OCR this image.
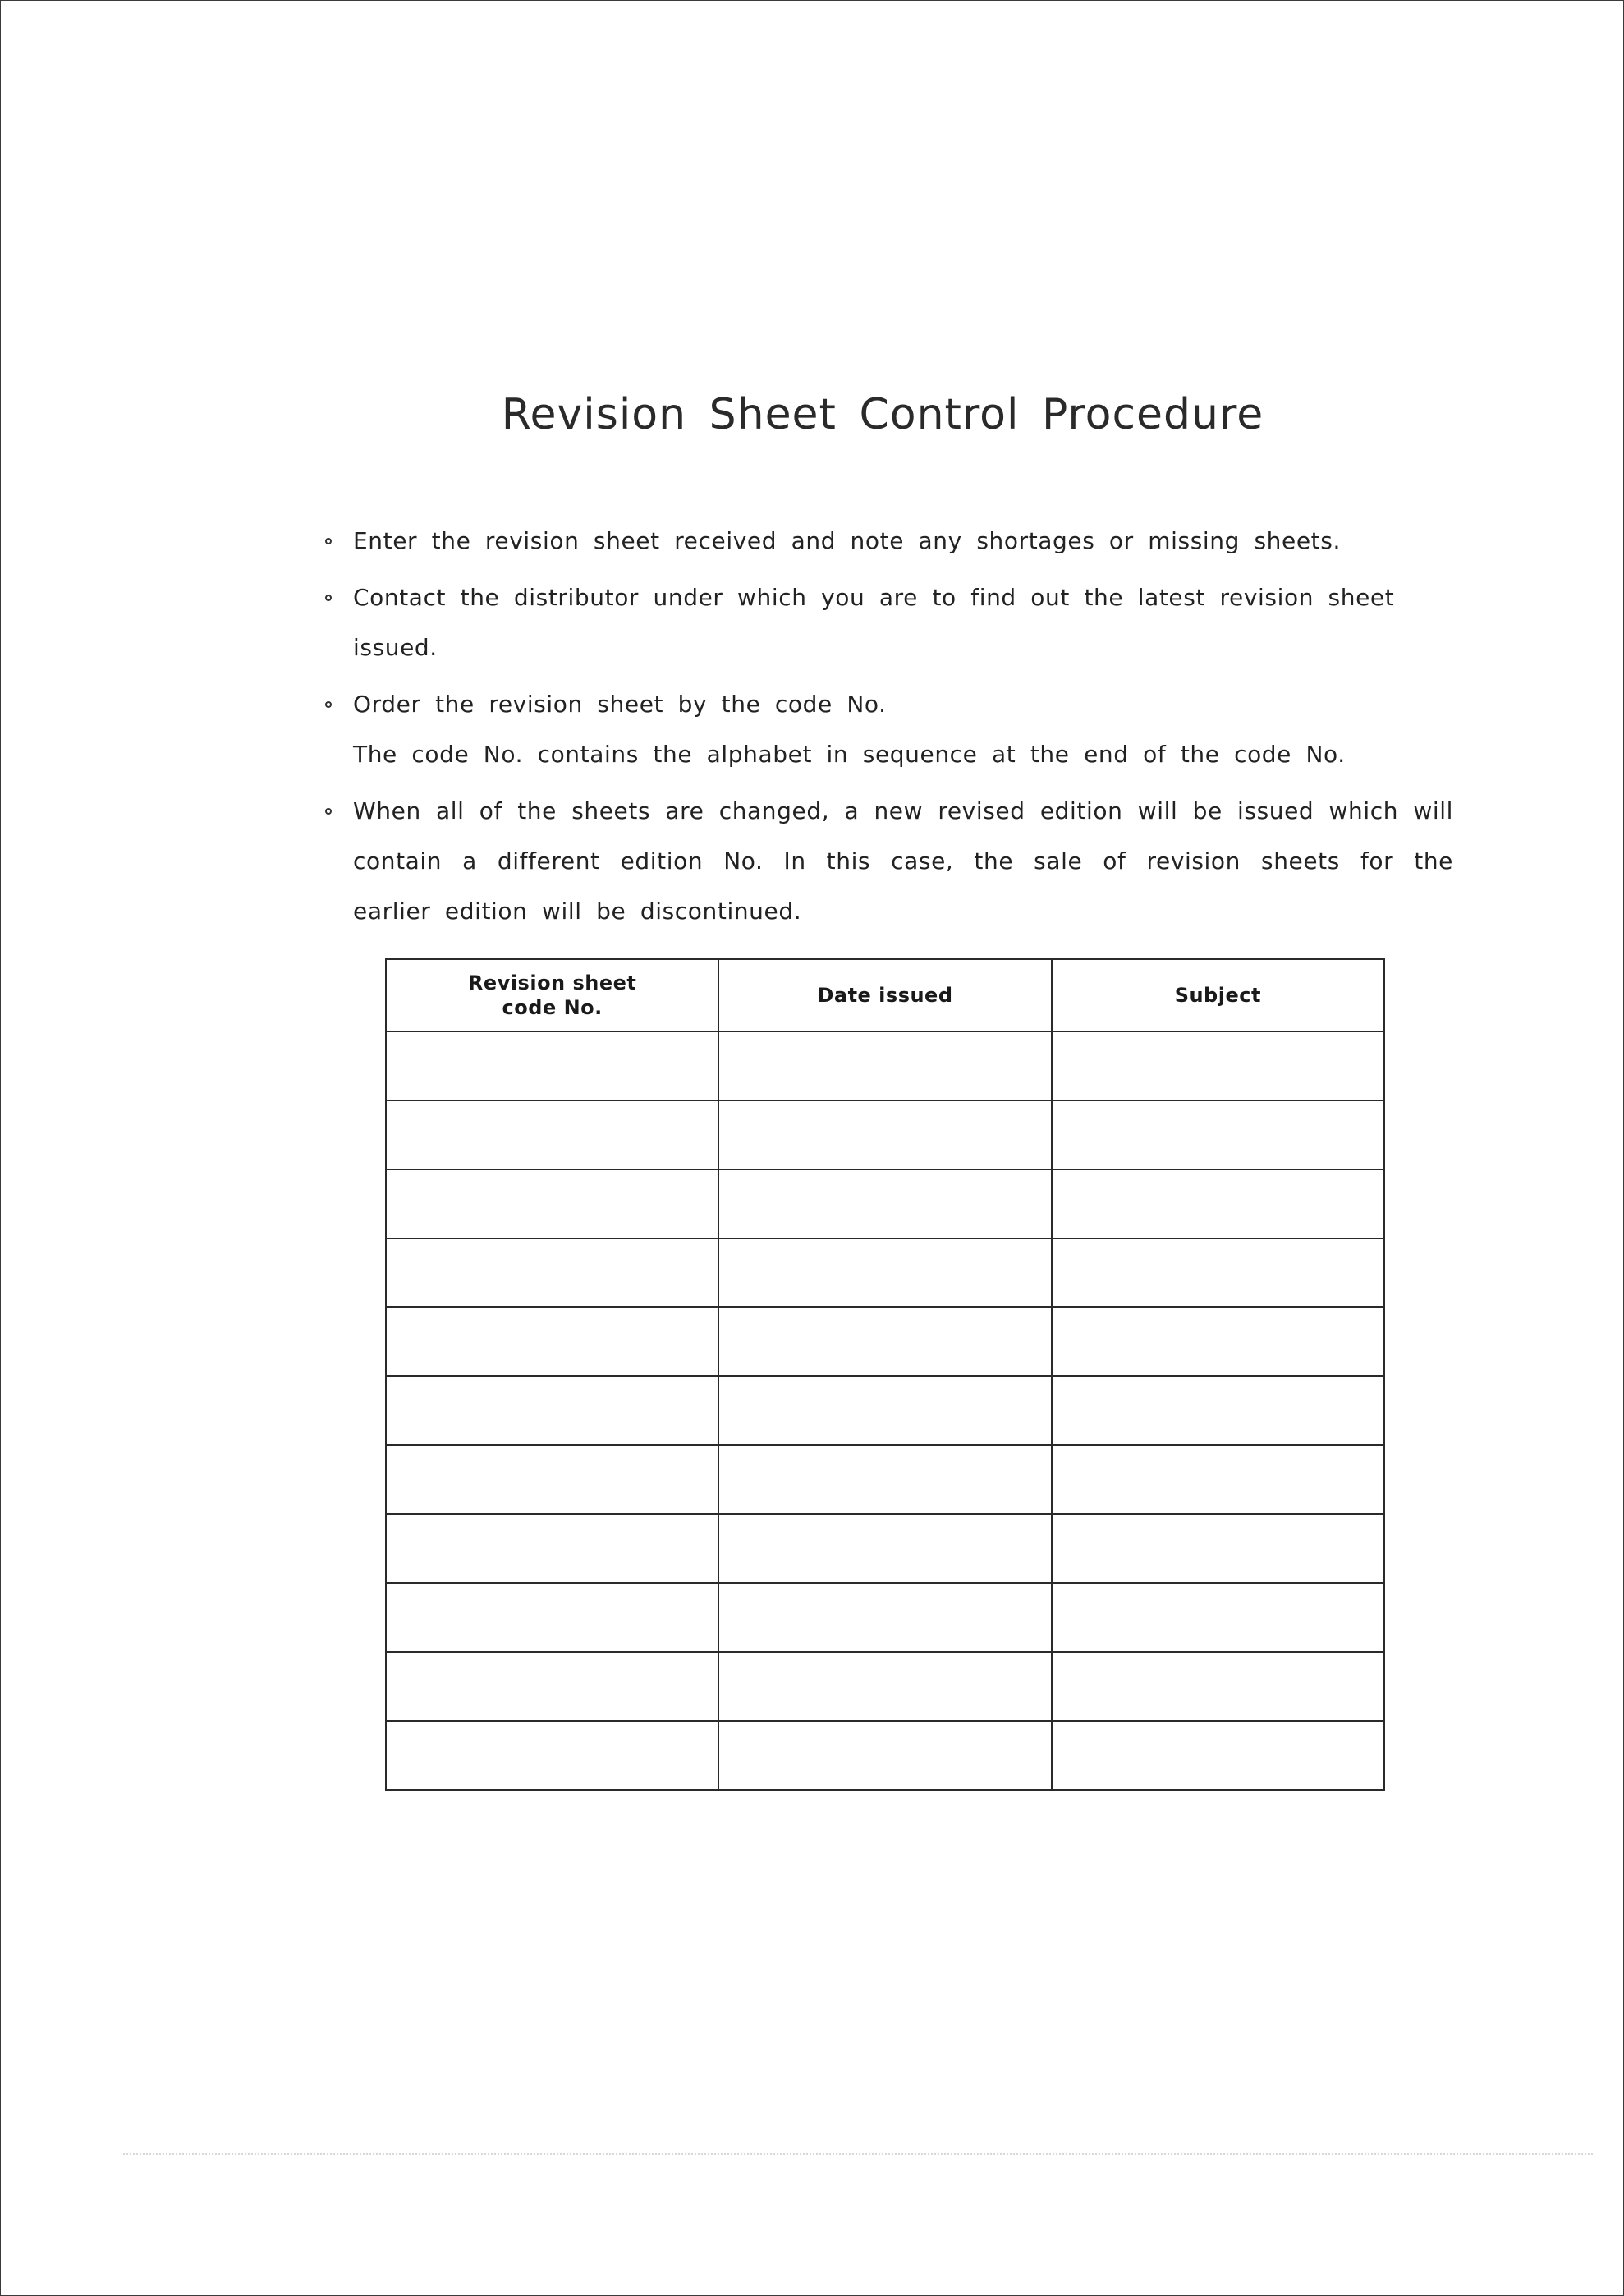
Revision Sheet Control Procedure
Enter the revision sheet received and note any shortages or missing sheets.
Contact the distributor under which you are to find out the latest revision sheet issued.
Order the revision sheet by the code No.
The code No. contains the alphabet in sequence at the end of the code No.
When all of the sheets are changed, a new revised edition will be issued which will contain a different edition No. In this case, the sale of revision sheets for the earlier edition will be discontinued.
Revision sheet
code No.	Date issued	Subject
